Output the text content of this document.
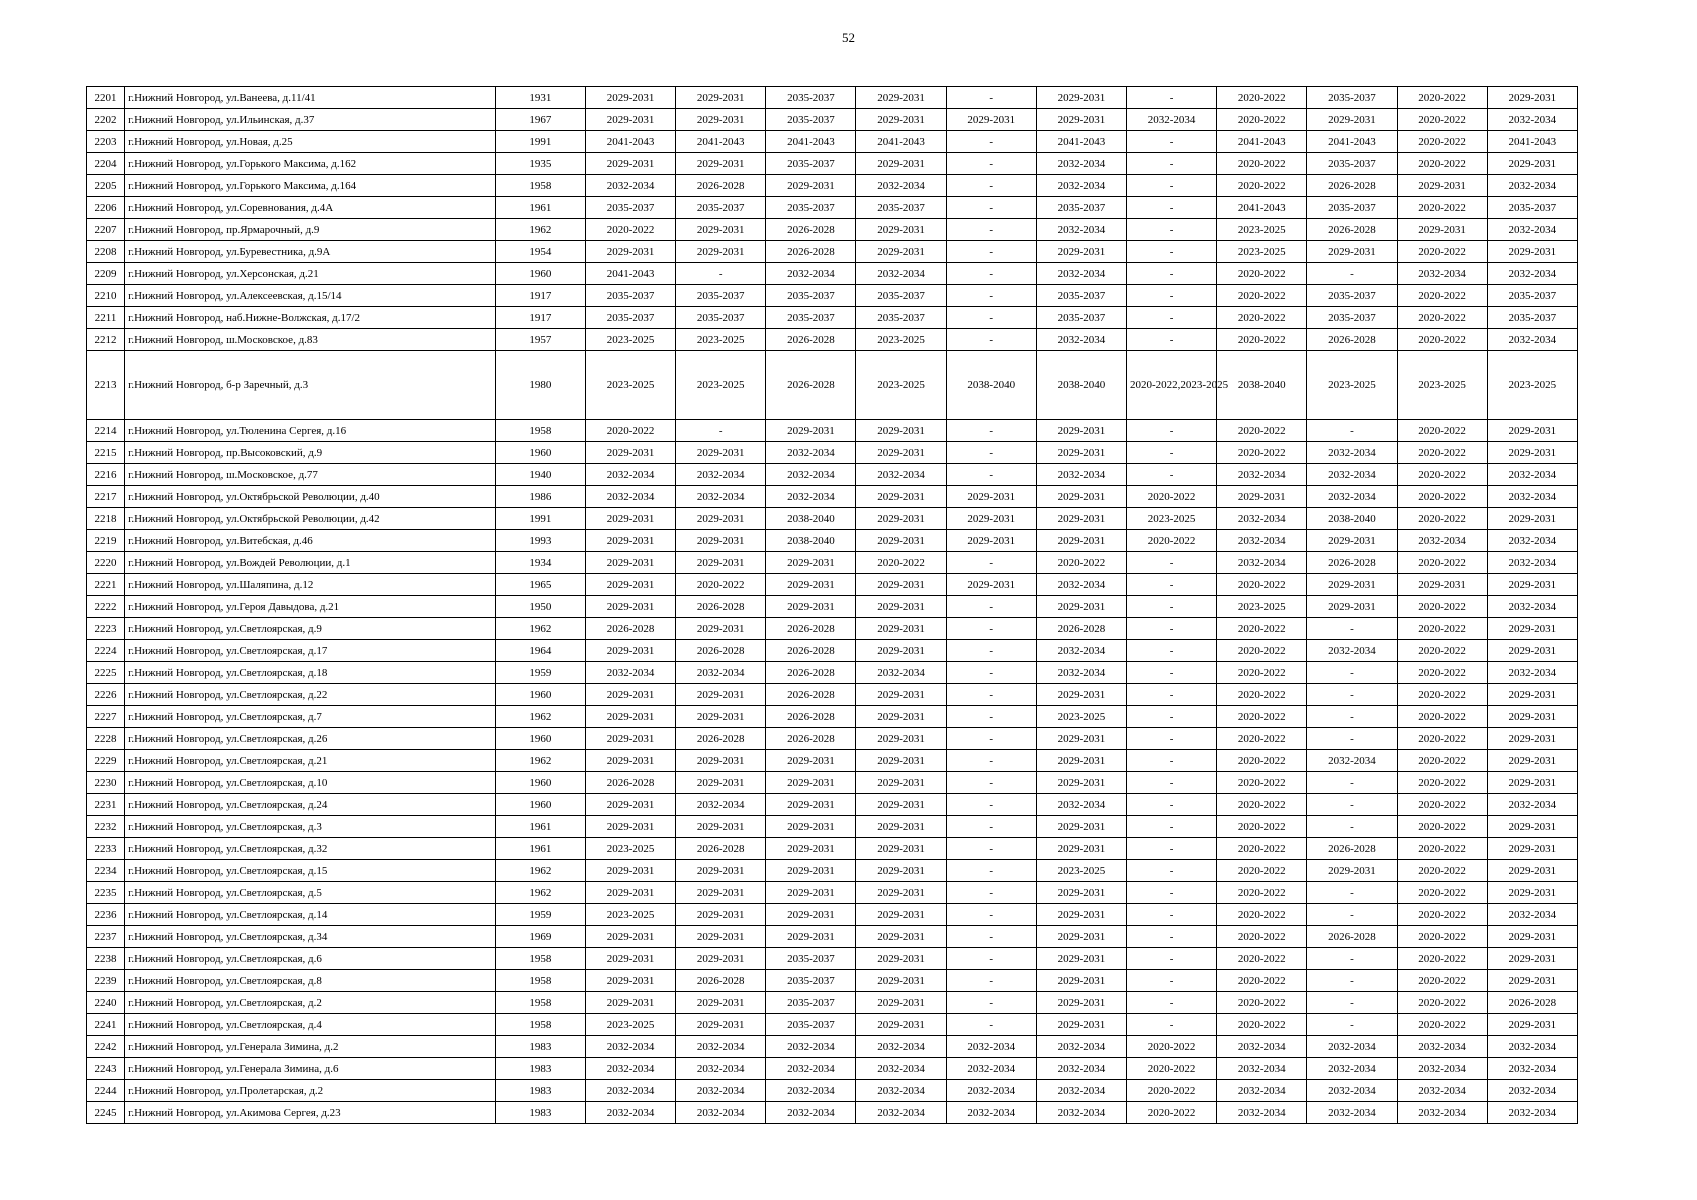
52
2201	г.Нижний Новгород, ул.Ванеева, д.11/41	1931	2029-2031	2029-2031	2035-2037	2029-2031	-	2029-2031	-	2020-2022	2035-2037	2020-2022	2029-2031
2202	г.Нижний Новгород, ул.Ильинская, д.37	1967	2029-2031	2029-2031	2035-2037	2029-2031	2029-2031	2029-2031	2032-2034	2020-2022	2029-2031	2020-2022	2032-2034
2203	г.Нижний Новгород, ул.Новая, д.25	1991	2041-2043	2041-2043	2041-2043	2041-2043	-	2041-2043	-	2041-2043	2041-2043	2020-2022	2041-2043
2204	г.Нижний Новгород, ул.Горького Максима, д.162	1935	2029-2031	2029-2031	2035-2037	2029-2031	-	2032-2034	-	2020-2022	2035-2037	2020-2022	2029-2031
2205	г.Нижний Новгород, ул.Горького Максима, д.164	1958	2032-2034	2026-2028	2029-2031	2032-2034	-	2032-2034	-	2020-2022	2026-2028	2029-2031	2032-2034
2206	г.Нижний Новгород, ул.Соревнования, д.4А	1961	2035-2037	2035-2037	2035-2037	2035-2037	-	2035-2037	-	2041-2043	2035-2037	2020-2022	2035-2037
2207	г.Нижний Новгород, пр.Ярмарочный, д.9	1962	2020-2022	2029-2031	2026-2028	2029-2031	-	2032-2034	-	2023-2025	2026-2028	2029-2031	2032-2034
2208	г.Нижний Новгород, ул.Буревестника, д.9А	1954	2029-2031	2029-2031	2026-2028	2029-2031	-	2029-2031	-	2023-2025	2029-2031	2020-2022	2029-2031
2209	г.Нижний Новгород, ул.Херсонская, д.21	1960	2041-2043	-	2032-2034	2032-2034	-	2032-2034	-	2020-2022	-	2032-2034	2032-2034
2210	г.Нижний Новгород, ул.Алексеевская, д.15/14	1917	2035-2037	2035-2037	2035-2037	2035-2037	-	2035-2037	-	2020-2022	2035-2037	2020-2022	2035-2037
2211	г.Нижний Новгород, наб.Нижне-Волжская, д.17/2	1917	2035-2037	2035-2037	2035-2037	2035-2037	-	2035-2037	-	2020-2022	2035-2037	2020-2022	2035-2037
2212	г.Нижний Новгород, ш.Московское, д.83	1957	2023-2025	2023-2025	2026-2028	2023-2025	-	2032-2034	-	2020-2022	2026-2028	2020-2022	2032-2034
2213	г.Нижний Новгород, б-р Заречный, д.3	1980	2023-2025	2023-2025	2026-2028	2023-2025	2038-2040	2038-2040	2020-2022,2023-2025	2038-2040	2023-2025	2023-2025	2023-2025
2214	г.Нижний Новгород, ул.Тюленина Сергея, д.16	1958	2020-2022	-	2029-2031	2029-2031	-	2029-2031	-	2020-2022	-	2020-2022	2029-2031
2215	г.Нижний Новгород, пр.Высоковский, д.9	1960	2029-2031	2029-2031	2032-2034	2029-2031	-	2029-2031	-	2020-2022	2032-2034	2020-2022	2029-2031
2216	г.Нижний Новгород, ш.Московское, д.77	1940	2032-2034	2032-2034	2032-2034	2032-2034	-	2032-2034	-	2032-2034	2032-2034	2020-2022	2032-2034
2217	г.Нижний Новгород, ул.Октябрьской Революции, д.40	1986	2032-2034	2032-2034	2032-2034	2029-2031	2029-2031	2029-2031	2020-2022	2029-2031	2032-2034	2020-2022	2032-2034
2218	г.Нижний Новгород, ул.Октябрьской Революции, д.42	1991	2029-2031	2029-2031	2038-2040	2029-2031	2029-2031	2029-2031	2023-2025	2032-2034	2038-2040	2020-2022	2029-2031
2219	г.Нижний Новгород, ул.Витебская, д.46	1993	2029-2031	2029-2031	2038-2040	2029-2031	2029-2031	2029-2031	2020-2022	2032-2034	2029-2031	2032-2034	2032-2034
2220	г.Нижний Новгород, ул.Вождей Революции, д.1	1934	2029-2031	2029-2031	2029-2031	2020-2022	-	2020-2022	-	2032-2034	2026-2028	2020-2022	2032-2034
2221	г.Нижний Новгород, ул.Шаляпина, д.12	1965	2029-2031	2020-2022	2029-2031	2029-2031	2029-2031	2032-2034	-	2020-2022	2029-2031	2029-2031	2029-2031
2222	г.Нижний Новгород, ул.Героя Давыдова, д.21	1950	2029-2031	2026-2028	2029-2031	2029-2031	-	2029-2031	-	2023-2025	2029-2031	2020-2022	2032-2034
2223	г.Нижний Новгород, ул.Светлоярская, д.9	1962	2026-2028	2029-2031	2026-2028	2029-2031	-	2026-2028	-	2020-2022	-	2020-2022	2029-2031
2224	г.Нижний Новгород, ул.Светлоярская, д.17	1964	2029-2031	2026-2028	2026-2028	2029-2031	-	2032-2034	-	2020-2022	2032-2034	2020-2022	2029-2031
2225	г.Нижний Новгород, ул.Светлоярская, д.18	1959	2032-2034	2032-2034	2026-2028	2032-2034	-	2032-2034	-	2020-2022	-	2020-2022	2032-2034
2226	г.Нижний Новгород, ул.Светлоярская, д.22	1960	2029-2031	2029-2031	2026-2028	2029-2031	-	2029-2031	-	2020-2022	-	2020-2022	2029-2031
2227	г.Нижний Новгород, ул.Светлоярская, д.7	1962	2029-2031	2029-2031	2026-2028	2029-2031	-	2023-2025	-	2020-2022	-	2020-2022	2029-2031
2228	г.Нижний Новгород, ул.Светлоярская, д.26	1960	2029-2031	2026-2028	2026-2028	2029-2031	-	2029-2031	-	2020-2022	-	2020-2022	2029-2031
2229	г.Нижний Новгород, ул.Светлоярская, д.21	1962	2029-2031	2029-2031	2029-2031	2029-2031	-	2029-2031	-	2020-2022	2032-2034	2020-2022	2029-2031
2230	г.Нижний Новгород, ул.Светлоярская, д.10	1960	2026-2028	2029-2031	2029-2031	2029-2031	-	2029-2031	-	2020-2022	-	2020-2022	2029-2031
2231	г.Нижний Новгород, ул.Светлоярская, д.24	1960	2029-2031	2032-2034	2029-2031	2029-2031	-	2032-2034	-	2020-2022	-	2020-2022	2032-2034
2232	г.Нижний Новгород, ул.Светлоярская, д.3	1961	2029-2031	2029-2031	2029-2031	2029-2031	-	2029-2031	-	2020-2022	-	2020-2022	2029-2031
2233	г.Нижний Новгород, ул.Светлоярская, д.32	1961	2023-2025	2026-2028	2029-2031	2029-2031	-	2029-2031	-	2020-2022	2026-2028	2020-2022	2029-2031
2234	г.Нижний Новгород, ул.Светлоярская, д.15	1962	2029-2031	2029-2031	2029-2031	2029-2031	-	2023-2025	-	2020-2022	2029-2031	2020-2022	2029-2031
2235	г.Нижний Новгород, ул.Светлоярская, д.5	1962	2029-2031	2029-2031	2029-2031	2029-2031	-	2029-2031	-	2020-2022	-	2020-2022	2029-2031
2236	г.Нижний Новгород, ул.Светлоярская, д.14	1959	2023-2025	2029-2031	2029-2031	2029-2031	-	2029-2031	-	2020-2022	-	2020-2022	2032-2034
2237	г.Нижний Новгород, ул.Светлоярская, д.34	1969	2029-2031	2029-2031	2029-2031	2029-2031	-	2029-2031	-	2020-2022	2026-2028	2020-2022	2029-2031
2238	г.Нижний Новгород, ул.Светлоярская, д.6	1958	2029-2031	2029-2031	2035-2037	2029-2031	-	2029-2031	-	2020-2022	-	2020-2022	2029-2031
2239	г.Нижний Новгород, ул.Светлоярская, д.8	1958	2029-2031	2026-2028	2035-2037	2029-2031	-	2029-2031	-	2020-2022	-	2020-2022	2029-2031
2240	г.Нижний Новгород, ул.Светлоярская, д.2	1958	2029-2031	2029-2031	2035-2037	2029-2031	-	2029-2031	-	2020-2022	-	2020-2022	2026-2028
2241	г.Нижний Новгород, ул.Светлоярская, д.4	1958	2023-2025	2029-2031	2035-2037	2029-2031	-	2029-2031	-	2020-2022	-	2020-2022	2029-2031
2242	г.Нижний Новгород, ул.Генерала Зимина, д.2	1983	2032-2034	2032-2034	2032-2034	2032-2034	2032-2034	2032-2034	2020-2022	2032-2034	2032-2034	2032-2034	2032-2034
2243	г.Нижний Новгород, ул.Генерала Зимина, д.6	1983	2032-2034	2032-2034	2032-2034	2032-2034	2032-2034	2032-2034	2020-2022	2032-2034	2032-2034	2032-2034	2032-2034
2244	г.Нижний Новгород, ул.Пролетарская, д.2	1983	2032-2034	2032-2034	2032-2034	2032-2034	2032-2034	2032-2034	2020-2022	2032-2034	2032-2034	2032-2034	2032-2034
2245	г.Нижний Новгород, ул.Акимова Сергея, д.23	1983	2032-2034	2032-2034	2032-2034	2032-2034	2032-2034	2032-2034	2020-2022	2032-2034	2032-2034	2032-2034	2032-2034
